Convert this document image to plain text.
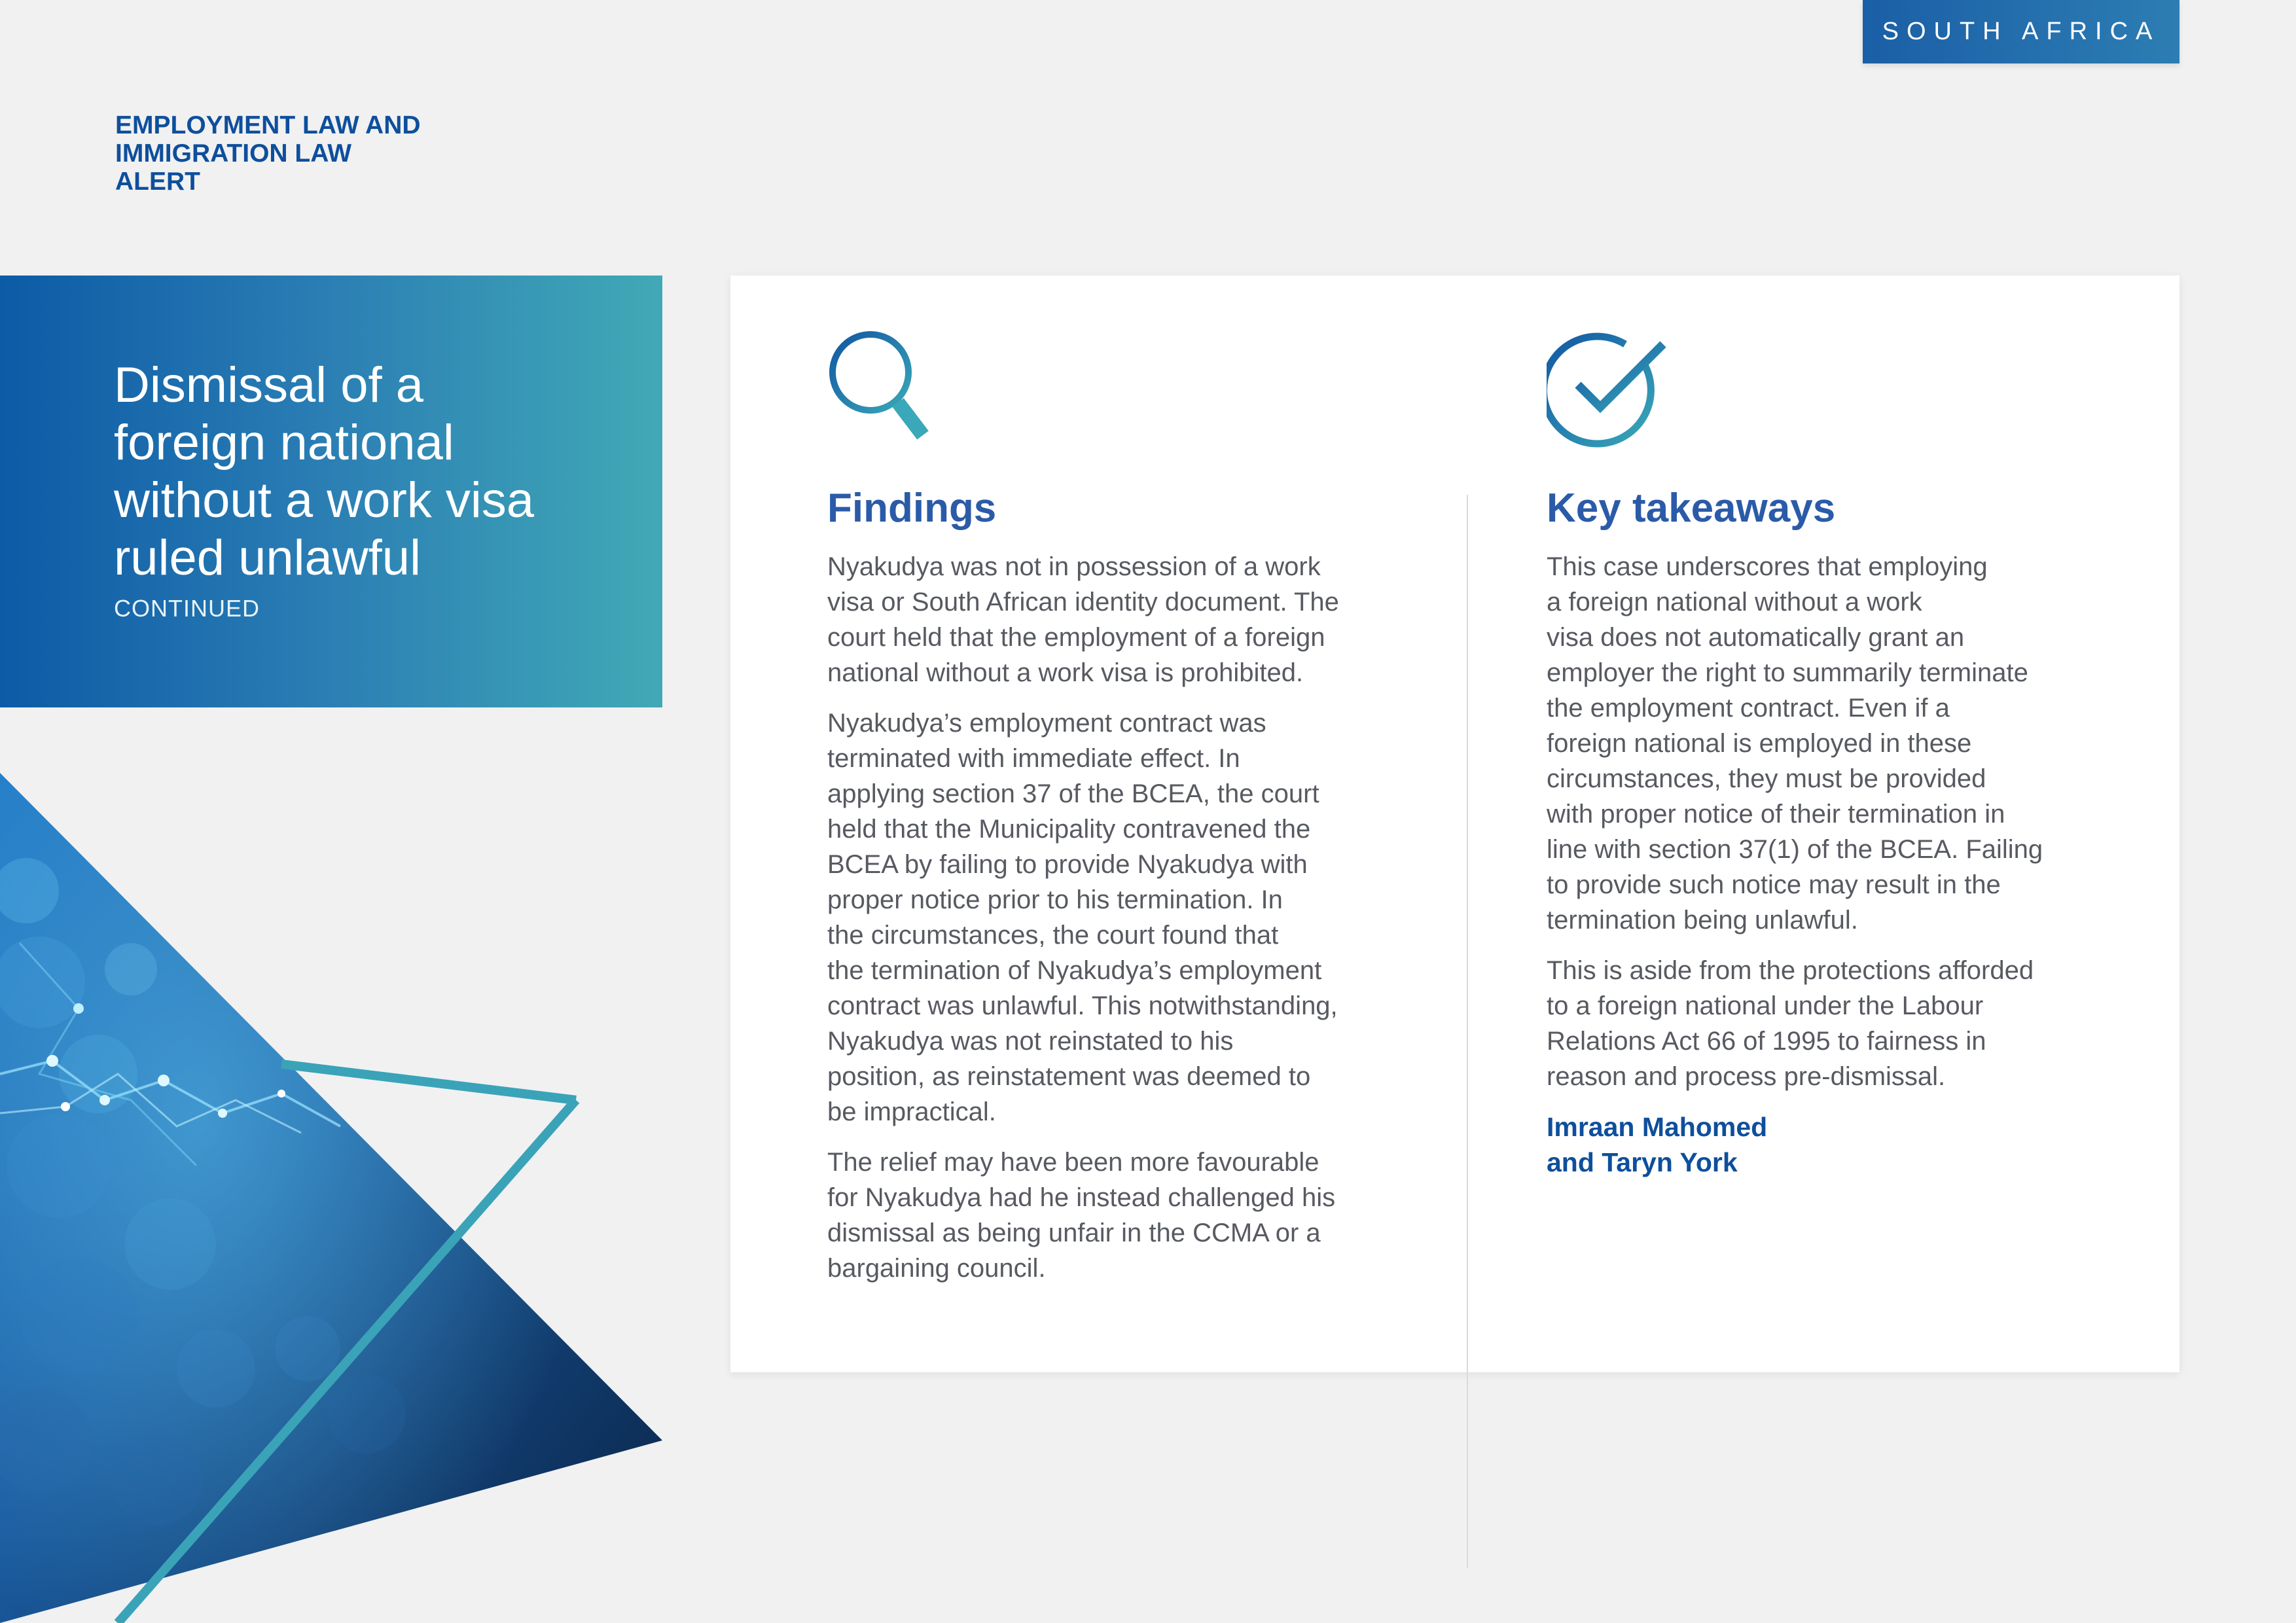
SOUTH AFRICA
EMPLOYMENT LAW AND
IMMIGRATION LAW
ALERT
Dismissal of a
foreign national
without a work visa
ruled unlawful
CONTINUED
Findings

Nyakudya was not in possession of a work
visa or South African identity document. The
court held that the employment of a foreign
national without a work visa is prohibited.

Nyakudya’s employment contract was
terminated with immediate effect. In
applying section 37 of the BCEA, the court
held that the Municipality contravened the
BCEA by failing to provide Nyakudya with
proper notice prior to his termination. In
the circumstances, the court found that
the termination of Nyakudya’s employment
contract was unlawful. This notwithstanding,
Nyakudya was not reinstated to his
position, as reinstatement was deemed to
be impractical.

The relief may have been more favourable
for Nyakudya had he instead challenged his
dismissal as being unfair in the CCMA or a
bargaining council.

Key takeaways

This case underscores that employing
a foreign national without a work
visa does not automatically grant an
employer the right to summarily terminate
the employment contract. Even if a
foreign national is employed in these
circumstances, they must be provided
with proper notice of their termination in
line with section 37(1) of the BCEA. Failing
to provide such notice may result in the
termination being unlawful.

This is aside from the protections afforded
to a foreign national under the Labour
Relations Act 66 of 1995 to fairness in
reason and process pre-dismissal.

Imraan Mahomed
and Taryn York
